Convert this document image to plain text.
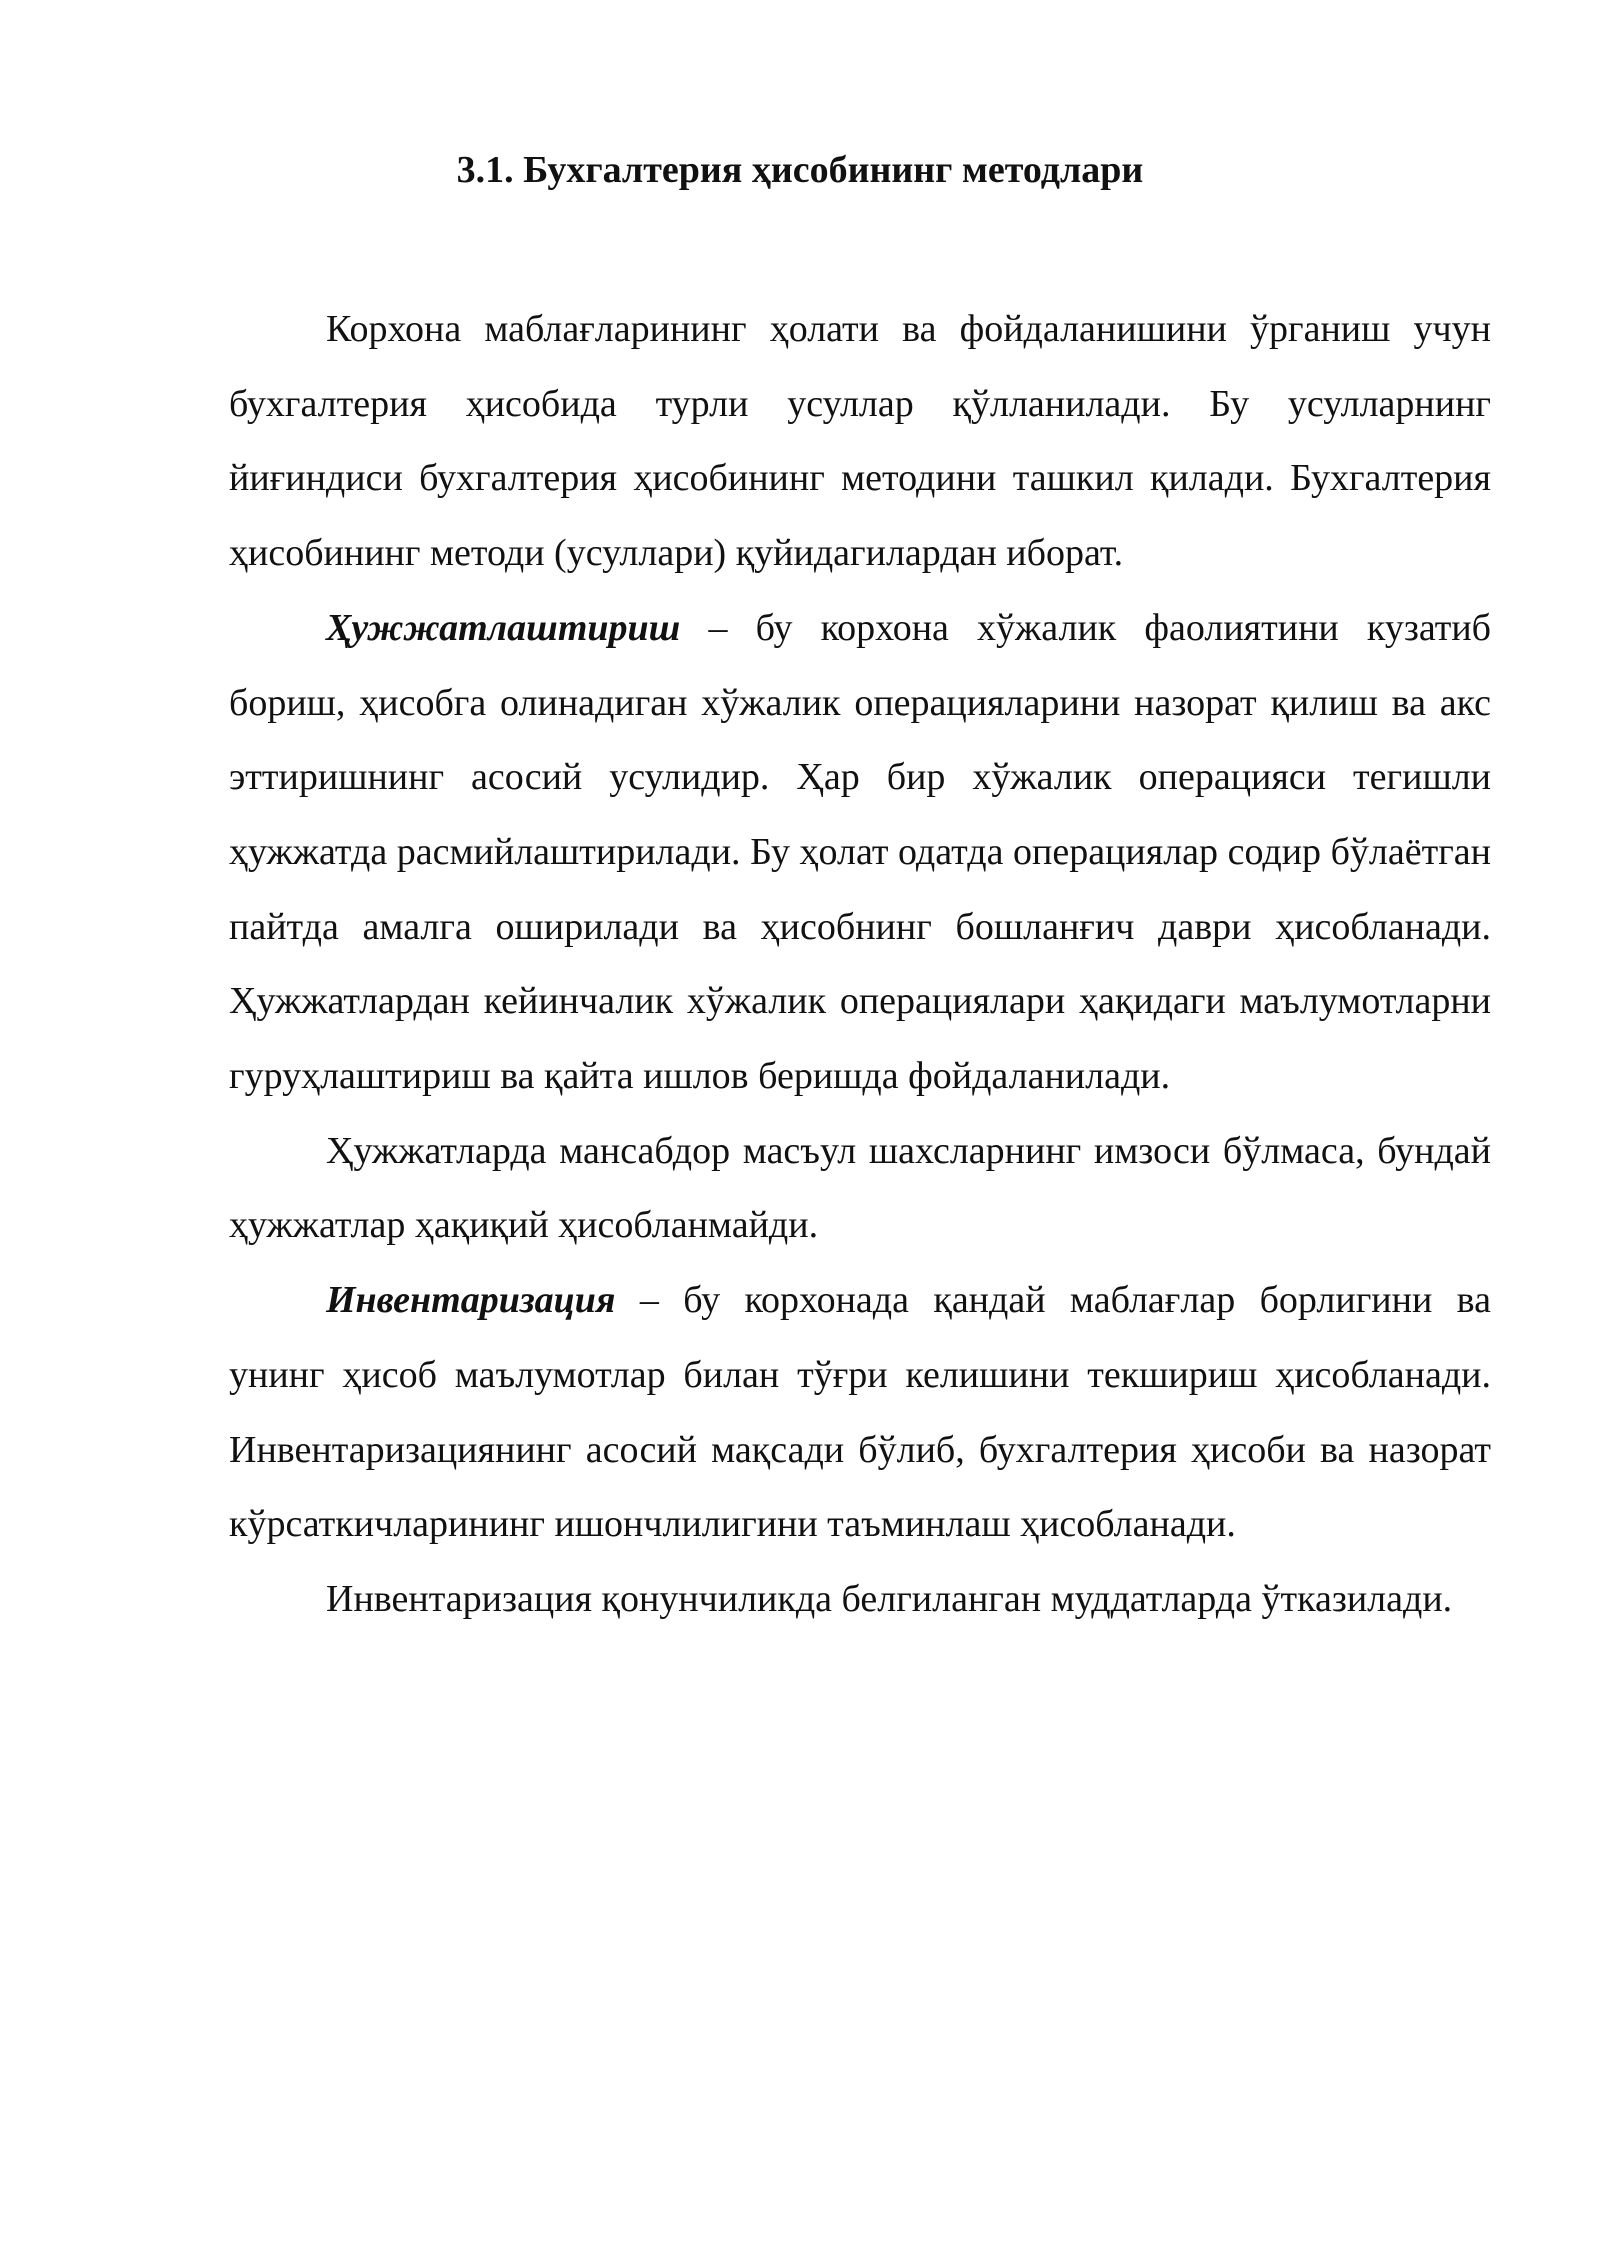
3.1. Бухгалтерия ҳисобининг методлари

Корхона маблағларининг ҳолати ва фойдаланишини ўрганиш учун бухгалтерия ҳисобида турли усуллар қўлланилади. Бу усулларнинг йиғиндиси бухгалтерия ҳисобининг методини ташкил қилади. Бухгалтерия ҳисобининг методи (усуллари) қуйидагилардан иборат.

Ҳужжатлаштириш – бу корхона хўжалик фаолиятини кузатиб бориш, ҳисобга олинадиган хўжалик операцияларини назорат қилиш ва акс эттиришнинг асосий усулидир. Ҳар бир хўжалик операцияси тегишли ҳужжатда расмийлаштирилади. Бу ҳолат одатда операциялар содир бўлаётган пайтда амалга оширилади ва ҳисобнинг бошланғич даври ҳисобланади. Ҳужжатлардан кейинчалик хўжалик операциялари ҳақидаги маълумотларни гуруҳлаштириш ва қайта ишлов беришда фойдаланилади.

Ҳужжатларда мансабдор масъул шахсларнинг имзоси бўлмаса, бундай ҳужжатлар ҳақиқий ҳисобланмайди.

Инвентаризация – бу корхонада қандай маблағлар борлигини ва унинг ҳисоб маълумотлар билан тўғри келишини текшириш ҳисобланади. Инвентаризациянинг асосий мақсади бўлиб, бухгалтерия ҳисоби ва назорат кўрсаткичларининг ишончлилигини таъминлаш ҳисобланади.

Инвентаризация қонунчиликда белгиланган муддатларда ўтказилади.
